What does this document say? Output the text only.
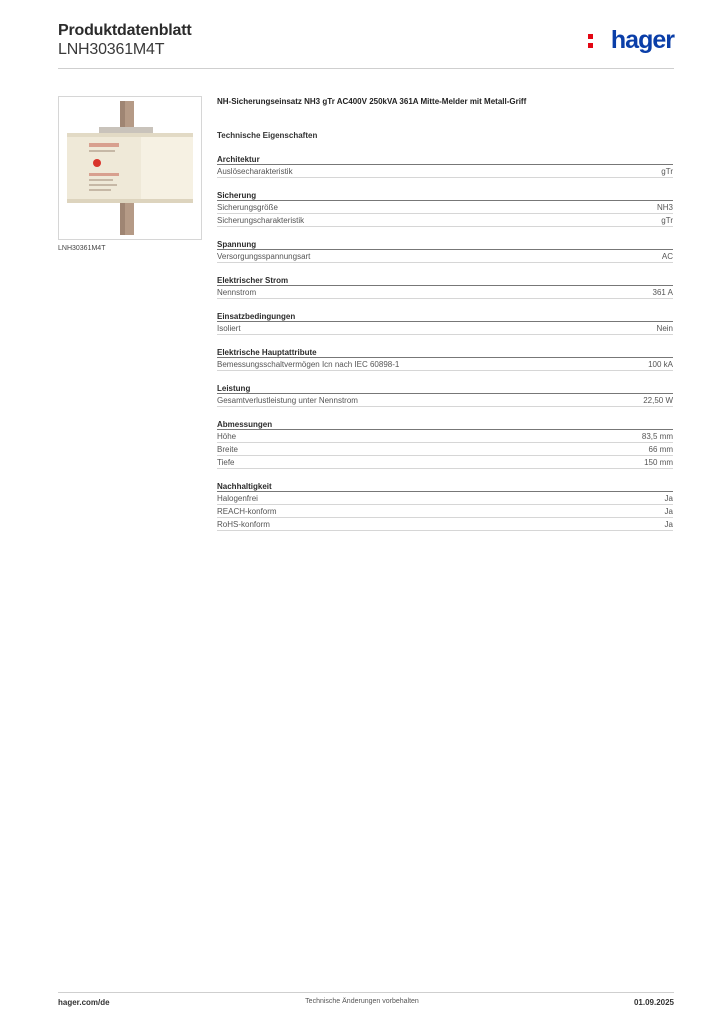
Produktdatenblatt
LNH30361M4T	hager
LNH30361M4T
NH-Sicherungseinsatz NH3 gTr AC400V 250kVA 361A Mitte-Melder mit Metall-Griff
Technische Eigenschaften
Architektur
Auslösecharakteristik	gTr
Sicherung
Sicherungsgröße	NH3
Sicherungscharakteristik	gTr
Spannung
Versorgungsspannungsart	AC
Elektrischer Strom
Nennstrom	361 A
Einsatzbedingungen
Isoliert	Nein
Elektrische Hauptattribute
Bemessungsschaltvermögen Icn nach IEC 60898-1	100 kA
Leistung
Gesamtverlustleistung unter Nennstrom	22,50 W
Abmessungen
Höhe	83,5 mm
Breite	66 mm
Tiefe	150 mm
Nachhaltigkeit
Halogenfrei	Ja
REACH-konform	Ja
RoHS-konform	Ja
hager.com/de	Technische Änderungen vorbehalten	01.09.2025
